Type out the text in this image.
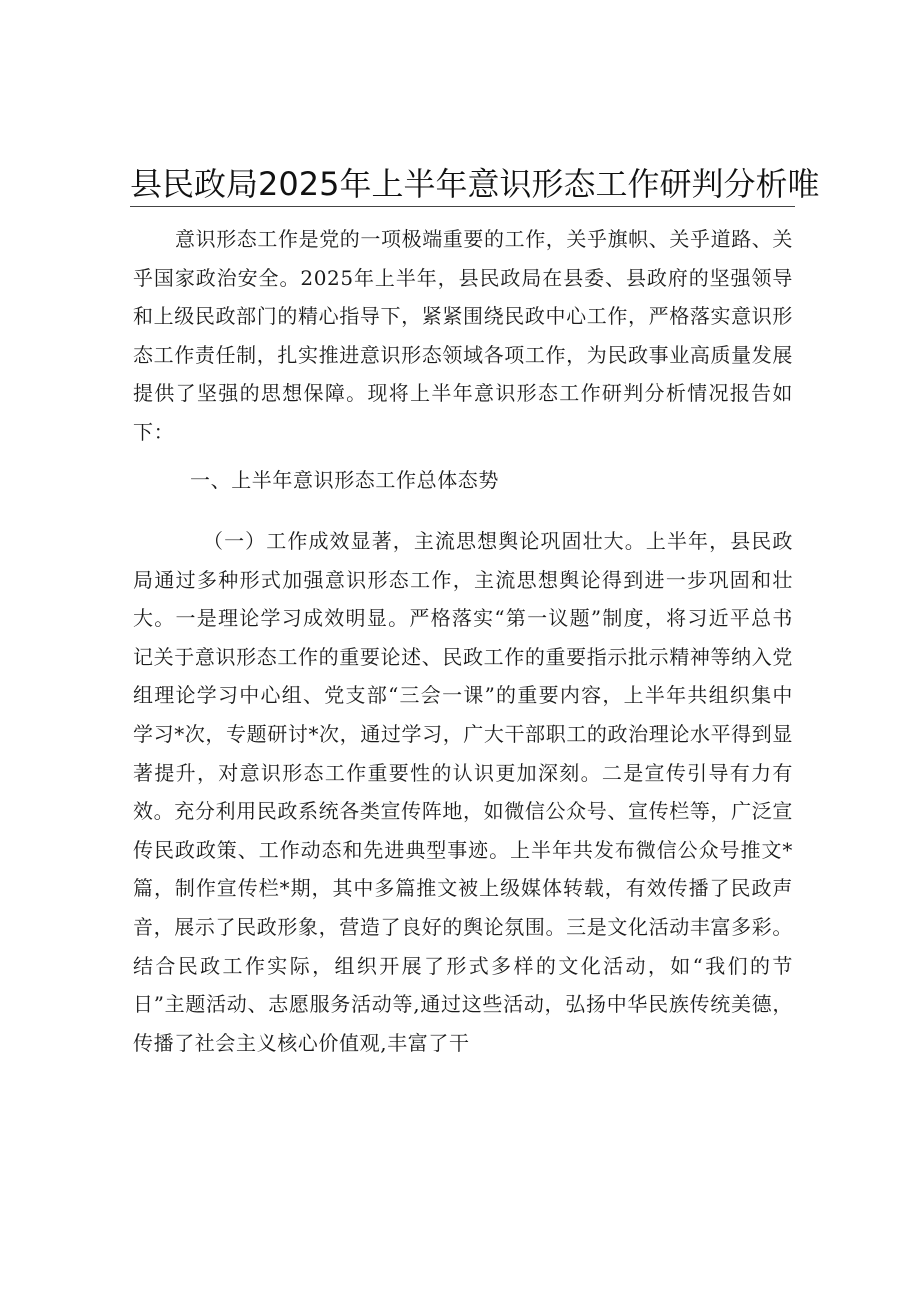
县民政局2025年上半年意识形态工作研判分析唯

意识形态工作是党的一项极端重要的工作，关乎旗帜、关乎道路、关乎国家政治安全。2025年上半年，县民政局在县委、县政府的坚强领导和上级民政部门的精心指导下，紧紧围绕民政中心工作，严格落实意识形态工作责任制，扎实推进意识形态领域各项工作，为民政事业高质量发展提供了坚强的思想保障。现将上半年意识形态工作研判分析情况报告如下：

一、上半年意识形态工作总体态势

（一）工作成效显著，主流思想舆论巩固壮大。上半年，县民政局通过多种形式加强意识形态工作，主流思想舆论得到进一步巩固和壮大。一是理论学习成效明显。严格落实“第一议题”制度，将习近平总书记关于意识形态工作的重要论述、民政工作的重要指示批示精神等纳入党组理论学习中心组、党支部“三会一课”的重要内容，上半年共组织集中学习*次，专题研讨*次，通过学习，广大干部职工的政治理论水平得到显著提升，对意识形态工作重要性的认识更加深刻。二是宣传引导有力有效。充分利用民政系统各类宣传阵地，如微信公众号、宣传栏等，广泛宣传民政政策、工作动态和先进典型事迹。上半年共发布微信公众号推文*篇，制作宣传栏*期，其中多篇推文被上级媒体转载，有效传播了民政声音，展示了民政形象，营造了良好的舆论氛围。三是文化活动丰富多彩。结合民政工作实际，组织开展了形式多样的文化活动，如“我们的节日”主题活动、志愿服务活动等,通过这些活动，弘扬中华民族传统美德，传播了社会主义核心价值观,丰富了干
